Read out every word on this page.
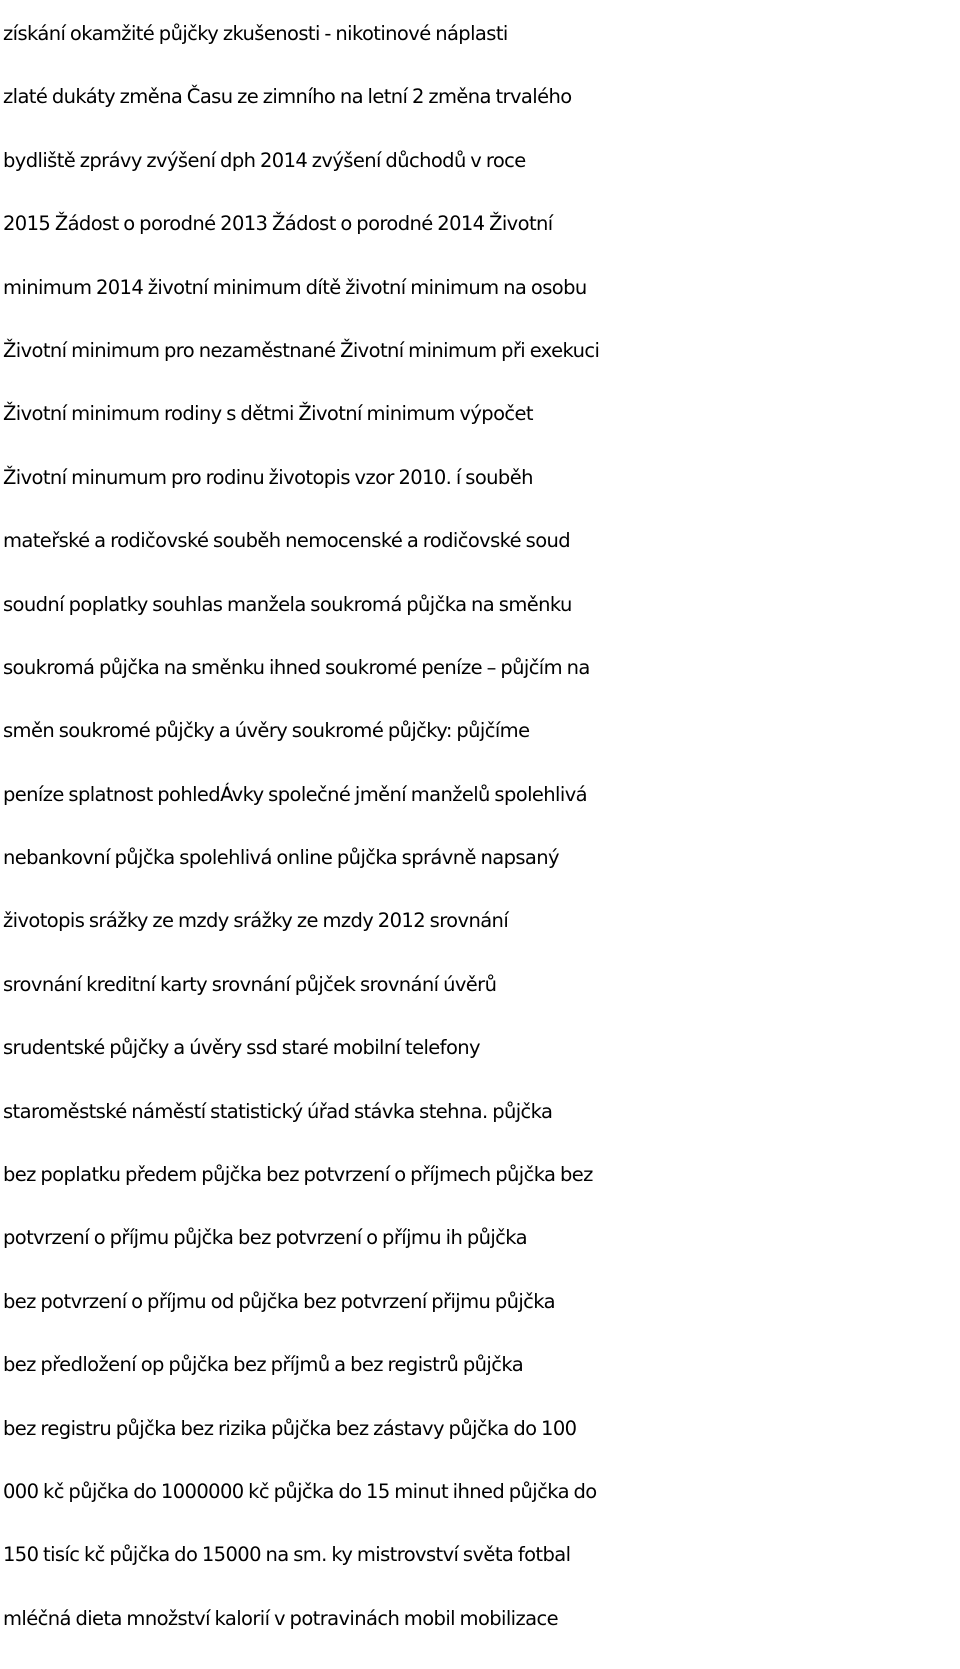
získání okamžité půjčky zkušenosti - nikotinové náplasti
zlaté dukáty změna Času ze zimního na letní 2 změna trvalého
bydliště zprávy zvýšení dph 2014 zvýšení důchodů v roce
2015 Žádost o porodné 2013 Žádost o porodné 2014 Životní
minimum 2014 životní minimum dítě životní minimum na osobu
Životní minimum pro nezaměstnané Životní minimum při exekuci
Životní minimum rodiny s dětmi Životní minimum výpočet
Životní minumum pro rodinu životopis vzor 2010. í souběh
mateřské a rodičovské souběh nemocenské a rodičovské soud
soudní poplatky souhlas manžela soukromá půjčka na směnku
soukromá půjčka na směnku ihned soukromé peníze – půjčím na
směn soukromé půjčky a úvěry soukromé půjčky: půjčíme
peníze splatnost pohledÁvky společné jmění manželů spolehlivá
nebankovní půjčka spolehlivá online půjčka správně napsaný
životopis srážky ze mzdy srážky ze mzdy 2012 srovnání
srovnání kreditní karty srovnání půjček srovnání úvěrů
srudentské půjčky a úvěry ssd staré mobilní telefony
staroměstské náměstí statistický úřad stávka stehna. půjčka
bez poplatku předem půjčka bez potvrzení o příjmech půjčka bez
potvrzení o příjmu půjčka bez potvrzení o příjmu ih půjčka
bez potvrzení o příjmu od půjčka bez potvrzení přijmu půjčka
bez předložení op půjčka bez příjmů a bez registrů půjčka
bez registru půjčka bez rizika půjčka bez zástavy půjčka do 100
000 kč půjčka do 1000000 kč půjčka do 15 minut ihned půjčka do
150 tisíc kč půjčka do 15000 na sm. ky mistrovství světa fotbal
mléčná dieta množství kalorií v potravinách mobil mobilizace
